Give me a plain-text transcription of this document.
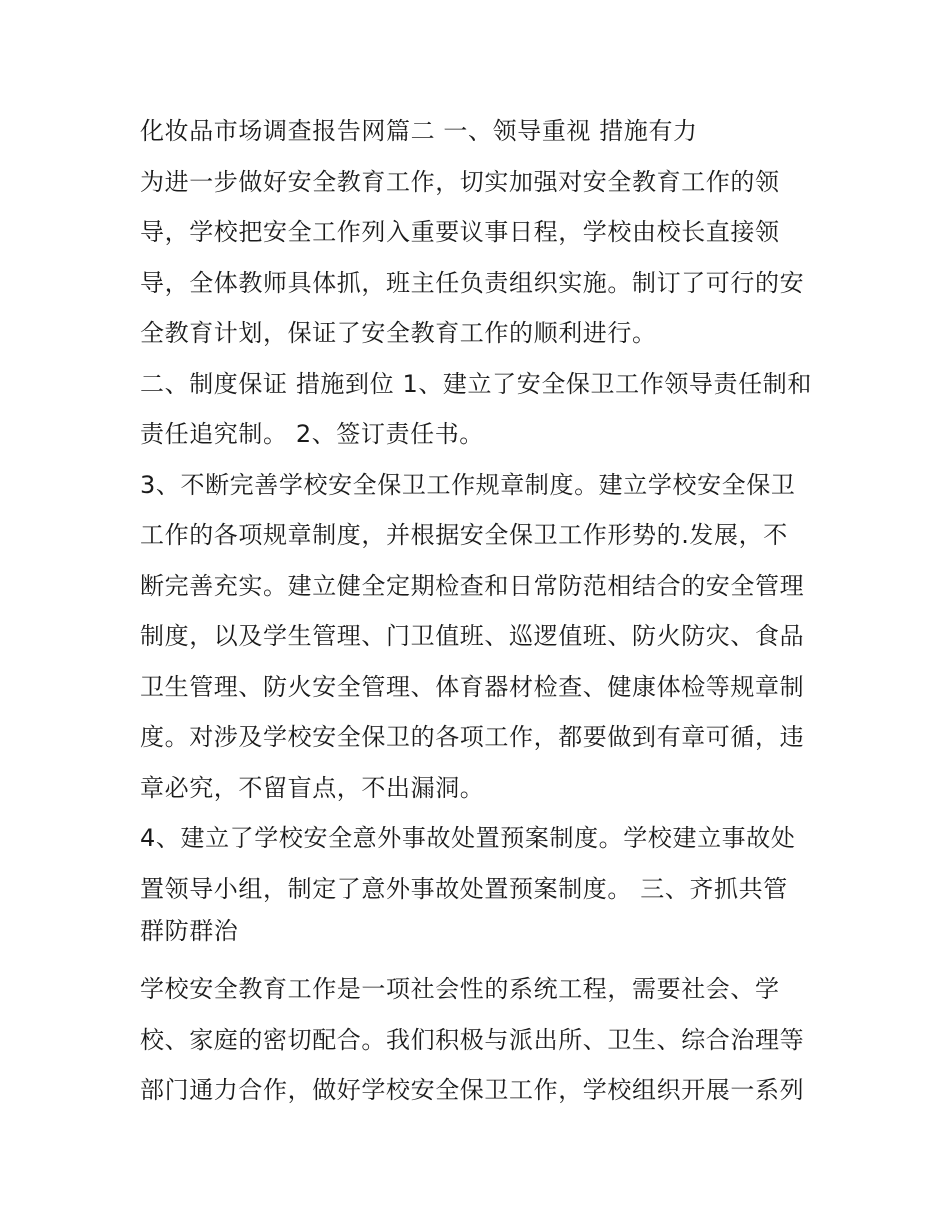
化妆品市场调查报告网篇二 一、领导重视 措施有力
为进一步做好安全教育工作，切实加强对安全教育工作的领
导，学校把安全工作列入重要议事日程，学校由校长直接领
导，全体教师具体抓，班主任负责组织实施。制订了可行的安
全教育计划，保证了安全教育工作的顺利进行。
二、制度保证 措施到位 1、建立了安全保卫工作领导责任制和
责任追究制。 2、签订责任书。
3、不断完善学校安全保卫工作规章制度。建立学校安全保卫
工作的各项规章制度，并根据安全保卫工作形势的.发展，不
断完善充实。建立健全定期检查和日常防范相结合的安全管理
制度，以及学生管理、门卫值班、巡逻值班、防火防灾、食品
卫生管理、防火安全管理、体育器材检查、健康体检等规章制
度。对涉及学校安全保卫的各项工作，都要做到有章可循，违
章必究，不留盲点，不出漏洞。
4、建立了学校安全意外事故处置预案制度。学校建立事故处
置领导小组，制定了意外事故处置预案制度。 三、齐抓共管
群防群治
学校安全教育工作是一项社会性的系统工程，需要社会、学
校、家庭的密切配合。我们积极与派出所、卫生、综合治理等
部门通力合作，做好学校安全保卫工作，学校组织开展一系列
